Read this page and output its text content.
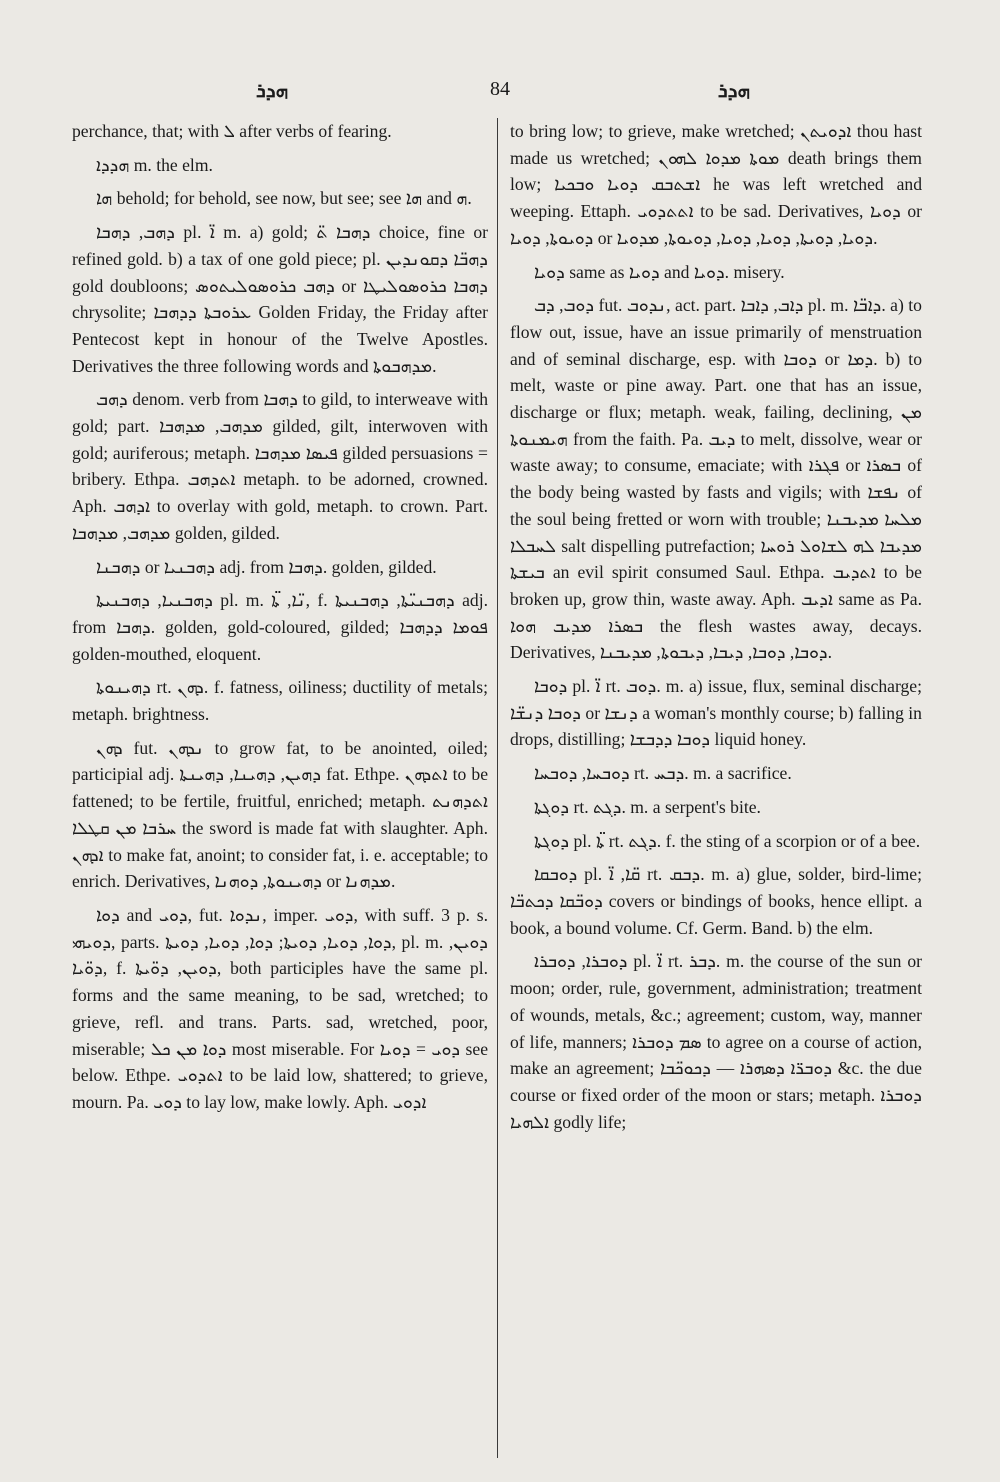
ܗܕܪ	84	ܗܕܪ

perchance, that; with ܠ after verbs of fearing.

ܗܕܕܐ m. the elm.

ܗܐ behold; for behold, see now, but see; see ܗܐ and ܗ.

ܕܗܒ, ܕܗܒܐ pl. ܐ̈ m. a) gold; ܕܗܒܐ ܬ̈ choice, fine or refined gold. b) a tax of one gold piece; pl. ܕܗܒ̈ܐ ܕܩܘܢܕܝܢ gold doubloons; ܕܗܒ ܟܪܘܣܘܠܝܬܘܣ or ܕܗܒܐ ܟܪܘܣܘܠܝܛܐ chrysolite; ܥܪܘܒܬܐ ܕܕܗܒܐ Golden Friday, the Friday after Pentecost kept in honour of the Twelve Apostles. Derivatives the three following words and ܡܕܗܒܘܬܐ.

ܕܗܒ denom. verb from ܕܗܒܐ to gild, to interweave with gold; part. ܡܕܗܒ, ܡܕܗܒܐ gilded, gilt, interwoven with gold; auriferous; metaph. ܦܝܣܐ ܡܕܗܒܐ gilded persuasions = bribery. Ethpa. ܐܬܕܗܒ metaph. to be adorned, crowned. Aph. ܐܕܗܒ to overlay with gold, metaph. to crown. Part. ܡܕܗܒ, ܡܕܗܒܐ golden, gilded.

ܕܗܒܢܐ or ܕܗܒܢܝܐ adj. from ܕܗܒܐ. golden, gilded.

ܕܗܒܢܝܐ, ܕܗܒܢܝܬܐ pl. m. ܢ̈ܐ, ܬ̈ܐ, f. ܕܗܒܢܝ̈ܬܐ, ܕܗܒܢܝܬܐ adj. from ܕܗܒܐ. golden, gold-coloured, gilded; ܦܘܡܐ ܕܕܗܒܐ golden-mouthed, eloquent.

ܕܗܝܢܘܬܐ rt. ܕܗܢ. f. fatness, oiliness; ductility of metals; metaph. brightness.

ܕܗܢ fut. ܢܕܗܢ to grow fat, to be anointed, oiled; participial adj. ܕܗܝܢ, ܕܗܝܢܐ, ܕܗܝܢܬܐ fat. Ethpe. ܐܬܕܗܢ to be fattened; to be fertile, fruitful, enriched; metaph. ܐܬܕܗܢܬ ܚܪܒܐ ܡܢ ܩܛܠܐ the sword is made fat with slaughter. Aph. ܐܕܗܢ to make fat, anoint; to consider fat, i. e. acceptable; to enrich. Derivatives, ܕܗܝܢܘܬܐ, ܕܘܗܢܐ or ܡܕܗܢܐ.

ܕܘܐ and ܕܘܝ, fut. ܢܕܘܐ, imper. ܕܘܝ, with suff. 3 p. s. ܕܘܝܗܝ, parts. ܕܘܐ, ܕܘܝܐ, ܕܘܝܬܐ; ܕܘܐ, ܕܘܝܐ, ܕܘܝܬܐ, pl. m. ܕܘܝܢ, ܕܘ̈ܝܐ, f. ܕܘܝܢ, ܕܘ̈ܝܬܐ, both participles have the same pl. forms and the same meaning, to be sad, wretched; to grieve, refl. and trans. Parts. sad, wretched, poor, miserable; ܕܘܐ ܡܢ ܟܠ most miserable. For ܕܘܝ = ܕܘܝܐ see below. Ethpe. ܐܬܕܘܝ to be laid low, shattered; to grieve, mourn. Pa. ܕܘܝ to lay low, make lowly. Aph. ܐܕܘܝ

to bring low; to grieve, make wretched; ܐܕܘܝܬܢ thou hast made us wretched; ܡܘܬܐ ܡܕܘܐ ܠܗܘܢ death brings them low; ܐܫܬܒܩ ܕܘܝܐ ܘܒܟܝܐ he was left wretched and weeping. Ettaph. ܐܬܬܕܘܝ to be sad. Derivatives, ܕܘܝܐ or ܕܘܝܘܬܐ, ܕܘܝܐ or ܕܘܝܐ, ܕܘܝܬܐ, ܕܘܝܐ, ܕܘܝܐ, ܕܘܝܘܬܐ, ܡܕܘܝܐ.

ܕܘܝܐ same as ܕܘܝܐ and ܕܘܝܐ. misery.

ܕܘܒ, ܕܒ fut. ܢܕܘܒ, act. part. ܕܐܒ, ܕܐܒܐ pl. m. ܕܐܒ̈ܐ. a) to flow out, issue, have an issue primarily of menstruation and of seminal discharge, esp. with ܕܘܒܐ or ܕܡܐ. b) to melt, waste or pine away. Part. one that has an issue, discharge or flux; metaph. weak, failing, declining, ܡܢ ܗܝܡܢܘܬܐ from the faith. Pa. ܕܝܒ to melt, dissolve, wear or waste away; to consume, emaciate; with ܦܓܪܐ or ܒܣܪܐ of the body being wasted by fasts and vigils; with ܢܦܫܐ of the soul being fretted or worn with trouble; ܡܠܚܐ ܡܕܝܒܢܐ ܠܚܒܠܐ salt dispelling putrefaction; ܡܕܝܒܐ ܠܗ ܠܫܐܘܠ ܪܘܚܐ ܒܝܫܬܐ an evil spirit consumed Saul. Ethpa. ܐܬܕܝܒ to be broken up, grow thin, waste away. Aph. ܐܕܝܒ same as Pa. ܒܣܪܐ ܡܕܝܒ ܗܘܐ the flesh wastes away, decays. Derivatives, ܕܘܒܐ, ܕܘܒܐ, ܕܝܒܐ, ܕܝܒܘܬܐ, ܡܕܝܒܢܐ.

ܕܘܒܐ pl. ܐ̈ rt. ܕܘܒ. m. a) issue, flux, seminal discharge; ܕܘܒܐ ܕܢܫ̈ܐ or ܕܢܫܐ a woman's monthly course; b) falling in drops, distilling; ܕܘܒܐ ܕܕܒܫܐ liquid honey.

ܕܘܒܚܐ, ܕܘܒܚܐ rt. ܕܒܚ. m. a sacrifice.

ܕܘܓܬܐ rt. ܕܓܬ. m. a serpent's bite.

ܕܘܓܬܐ pl. ܬ̈ܐ rt. ܕܓܬ. f. the sting of a scorpion or of a bee.

ܕܘܒܩܐ pl. ܩ̈ܐ, ܐ̈ rt. ܕܒܩ. m. a) glue, solder, bird-lime; ܕܘܒ̈ܩܐ ܕܟܬܒ̈ܐ covers or bindings of books, hence ellipt. a book, a bound volume. Cf. Germ. Band. b) the elm.

ܕܘܒܪܐ, ܕܘܒܪܐ pl. ܐ̈ rt. ܕܒܪ. m. the course of the sun or moon; order, rule, government, administration; treatment of wounds, metals, &c.; agreement; custom, way, manner of life, manners; ܣܡ ܕܘܒܪܐ to agree on a course of action, make an agreement; ܕܘܒܪ̈ܐ ܕܣܗܪܐ — ܕܟܘܟ̈ܒܐ &c. the due course or fixed order of the moon or stars; metaph. ܕܘܒܪܐ ܐܠܗܝܐ godly life;
